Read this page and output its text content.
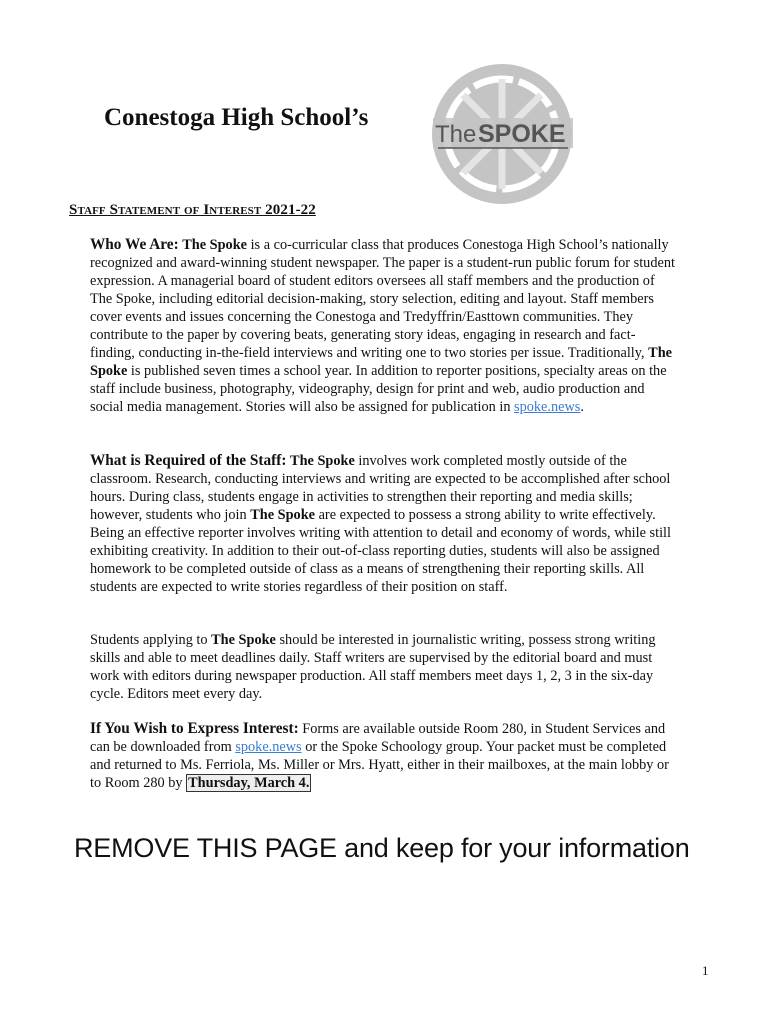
Conestoga High School’s
The SPOKE
Staff Statement of Interest 2021-22
Who We Are: The Spoke is a co-curricular class that produces Conestoga High School’s nationally recognized and award-winning student newspaper. The paper is a student-run public forum for student expression. A managerial board of student editors oversees all staff members and the production of The Spoke, including editorial decision-making, story selection, editing and layout. Staff members cover events and issues concerning the Conestoga and Tredyffrin/Easttown communities. They contribute to the paper by covering beats, generating story ideas, engaging in research and fact-finding, conducting in-the-field interviews and writing one to two stories per issue. Traditionally, The Spoke is published seven times a school year. In addition to reporter positions, specialty areas on the staff include business, photography, videography, design for print and web, audio production and social media management. Stories will also be assigned for publication in spoke.news.
What is Required of the Staff: The Spoke involves work completed mostly outside of the classroom. Research, conducting interviews and writing are expected to be accomplished after school hours. During class, students engage in activities to strengthen their reporting and media skills; however, students who join The Spoke are expected to possess a strong ability to write effectively. Being an effective reporter involves writing with attention to detail and economy of words, while still exhibiting creativity. In addition to their out-of-class reporting duties, students will also be assigned homework to be completed outside of class as a means of strengthening their reporting skills. All students are expected to write stories regardless of their position on staff.
Students applying to The Spoke should be interested in journalistic writing, possess strong writing skills and able to meet deadlines daily. Staff writers are supervised by the editorial board and must work with editors during newspaper production. All staff members meet days 1, 2, 3 in the six-day cycle. Editors meet every day.
If You Wish to Express Interest: Forms are available outside Room 280, in Student Services and can be downloaded from spoke.news or the Spoke Schoology group. Your packet must be completed and returned to Ms. Ferriola, Ms. Miller or Mrs. Hyatt, either in their mailboxes, at the main lobby or to Room 280 by Thursday, March 4.
REMOVE THIS PAGE and keep for your information
1
